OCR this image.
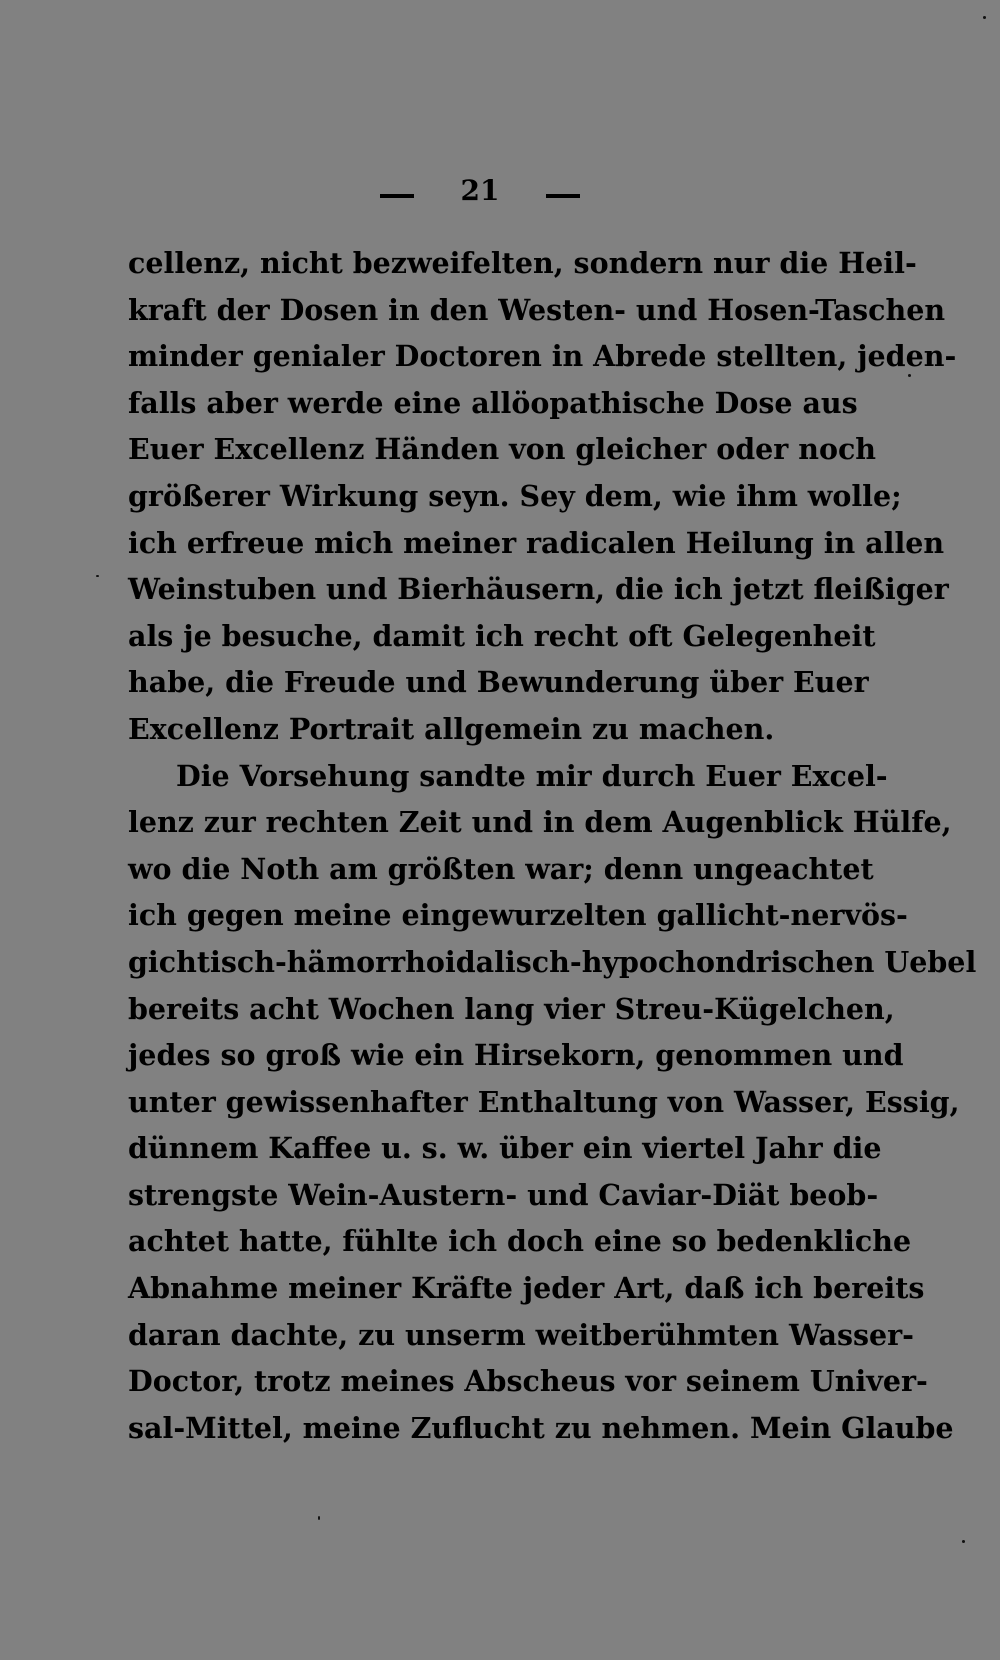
21
cellenz, nicht bezweifelten, sondern nur die Heil-
kraft der Dosen in den Westen- und Hosen-Taschen
minder genialer Doctoren in Abrede stellten, jeden-
falls aber werde eine allöopathische Dose aus
Euer Excellenz Händen von gleicher oder noch
größerer Wirkung seyn. Sey dem, wie ihm wolle;
ich erfreue mich meiner radicalen Heilung in allen
Weinstuben und Bierhäusern, die ich jetzt fleißiger
als je besuche, damit ich recht oft Gelegenheit
habe, die Freude und Bewunderung über Euer
Excellenz Portrait allgemein zu machen.
Die Vorsehung sandte mir durch Euer Excel-
lenz zur rechten Zeit und in dem Augenblick Hülfe,
wo die Noth am größten war; denn ungeachtet
ich gegen meine eingewurzelten gallicht-nervös-
gichtisch-hämorrhoidalisch-hypochondrischen Uebel
bereits acht Wochen lang vier Streu-Kügelchen,
jedes so groß wie ein Hirsekorn, genommen und
unter gewissenhafter Enthaltung von Wasser, Essig,
dünnem Kaffee u. s. w. über ein viertel Jahr die
strengste Wein-Austern- und Caviar-Diät beob-
achtet hatte, fühlte ich doch eine so bedenkliche
Abnahme meiner Kräfte jeder Art, daß ich bereits
daran dachte, zu unserm weitberühmten Wasser-
Doctor, trotz meines Abscheus vor seinem Univer-
sal-Mittel, meine Zuflucht zu nehmen. Mein Glaube
